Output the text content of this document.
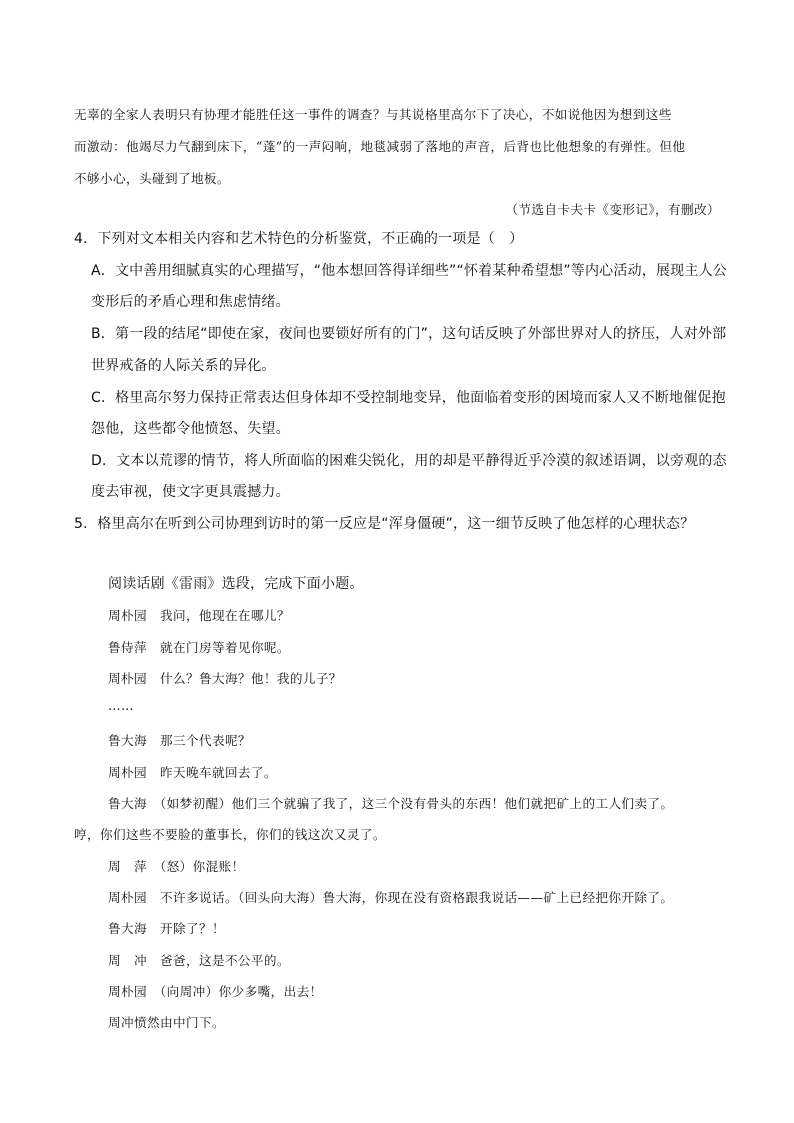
无辜的全家人表明只有协理才能胜任这一事件的调查？与其说格里高尔下了决心，不如说他因为想到这些
而激动：他竭尽力气翻到床下，“蓬”的一声闷响，地毯减弱了落地的声音，后背也比他想象的有弹性。但他
不够小心，头碰到了地板。
（节选自卡夫卡《变形记》，有删改）
4．下列对文本相关内容和艺术特色的分析鉴赏，不正确的一项是（　）
A．文中善用细腻真实的心理描写，“他本想回答得详细些”“怀着某种希望想”等内心活动，展现主人公
变形后的矛盾心理和焦虑情绪。
B．第一段的结尾“即使在家，夜间也要锁好所有的门”，这句话反映了外部世界对人的挤压，人对外部
世界戒备的人际关系的异化。
C．格里高尔努力保持正常表达但身体却不受控制地变异，他面临着变形的困境而家人又不断地催促抱
怨他，这些都令他愤怒、失望。
D．文本以荒谬的情节，将人所面临的困难尖锐化，用的却是平静得近乎冷漠的叙述语调，以旁观的态
度去审视，使文字更具震撼力。
5．格里高尔在听到公司协理到访时的第一反应是“浑身僵硬”，这一细节反映了他怎样的心理状态？
阅读话剧《雷雨》选段，完成下面小题。
周朴园　我问，他现在在哪儿？
鲁侍萍　就在门房等着见你呢。
周朴园　什么？鲁大海？他！我的儿子？
……
鲁大海　那三个代表呢？
周朴园　昨天晚车就回去了。
鲁大海　（如梦初醒）他们三个就骗了我了，这三个没有骨头的东西！他们就把矿上的工人们卖了。
哼，你们这些不要脸的董事长，你们的钱这次又灵了。
周　萍　（怒）你混账！
周朴园　不许多说话。（回头向大海）鲁大海，你现在没有资格跟我说话——矿上已经把你开除了。
鲁大海　开除了？！
周　冲　爸爸，这是不公平的。
周朴园　（向周冲）你少多嘴，出去！
周冲愤然由中门下。
